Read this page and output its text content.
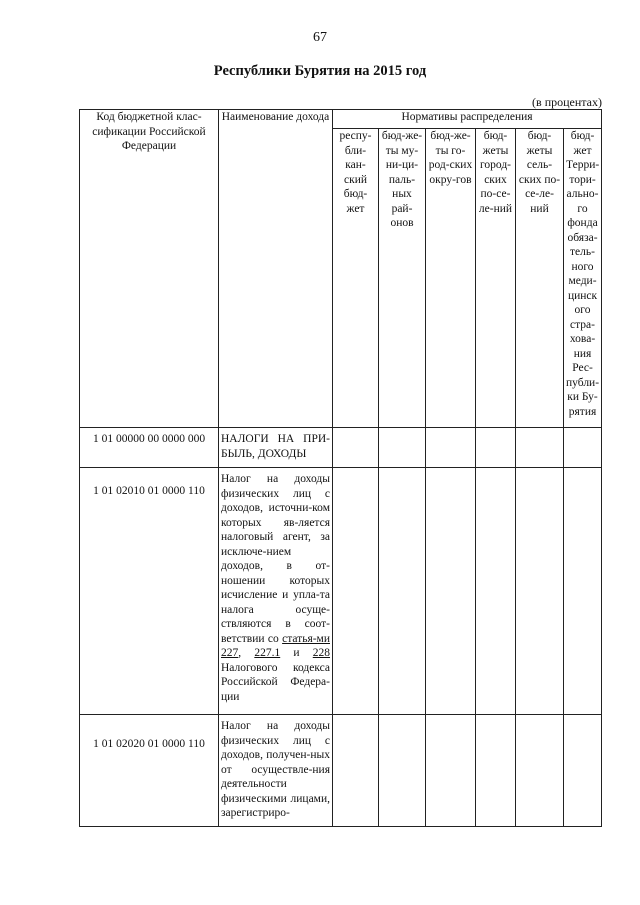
67
Республики Бурятия на 2015 год
(в процентах)
Код бюджетной клас-сификации Российской Федерации	Наименование дохода	Нормативы распределения					
		респу-бли-кан-ский бюд-жет	бюд-же-ты му-ни-ци-паль-ных рай-онов	бюд-же-ты го-род-ских окру-гов	бюд-жеты город-ских по-се-ле-ний	бюд-жеты сель-ских по-се-ле-ний	бюд-жет Терри-тори-ально-го фонда обяза-тель-ного меди-цинск ого стра-хова-ния Рес-публи-ки Бу-рятия
1 01 00000 00 0000 000	НАЛОГИ НА ПРИ-БЫЛЬ, ДОХОДЫ						
1 01 02010 01 0000 110	Налог на доходы физических лиц с доходов, источни-ком которых яв-ляется налоговый агент, за исключе-нием доходов, в от-ношении которых исчисление и упла-та налога осуще-ствляются в соот-ветствии со статья-ми 227, 227.1 и 228 Налогового кодекса Российской Федера-ции						
1 01 02020 01 0000 110	Налог на доходы физических лиц с доходов, получен-ных от осуществле-ния деятельности физическими лицами, зарегистриро-						
